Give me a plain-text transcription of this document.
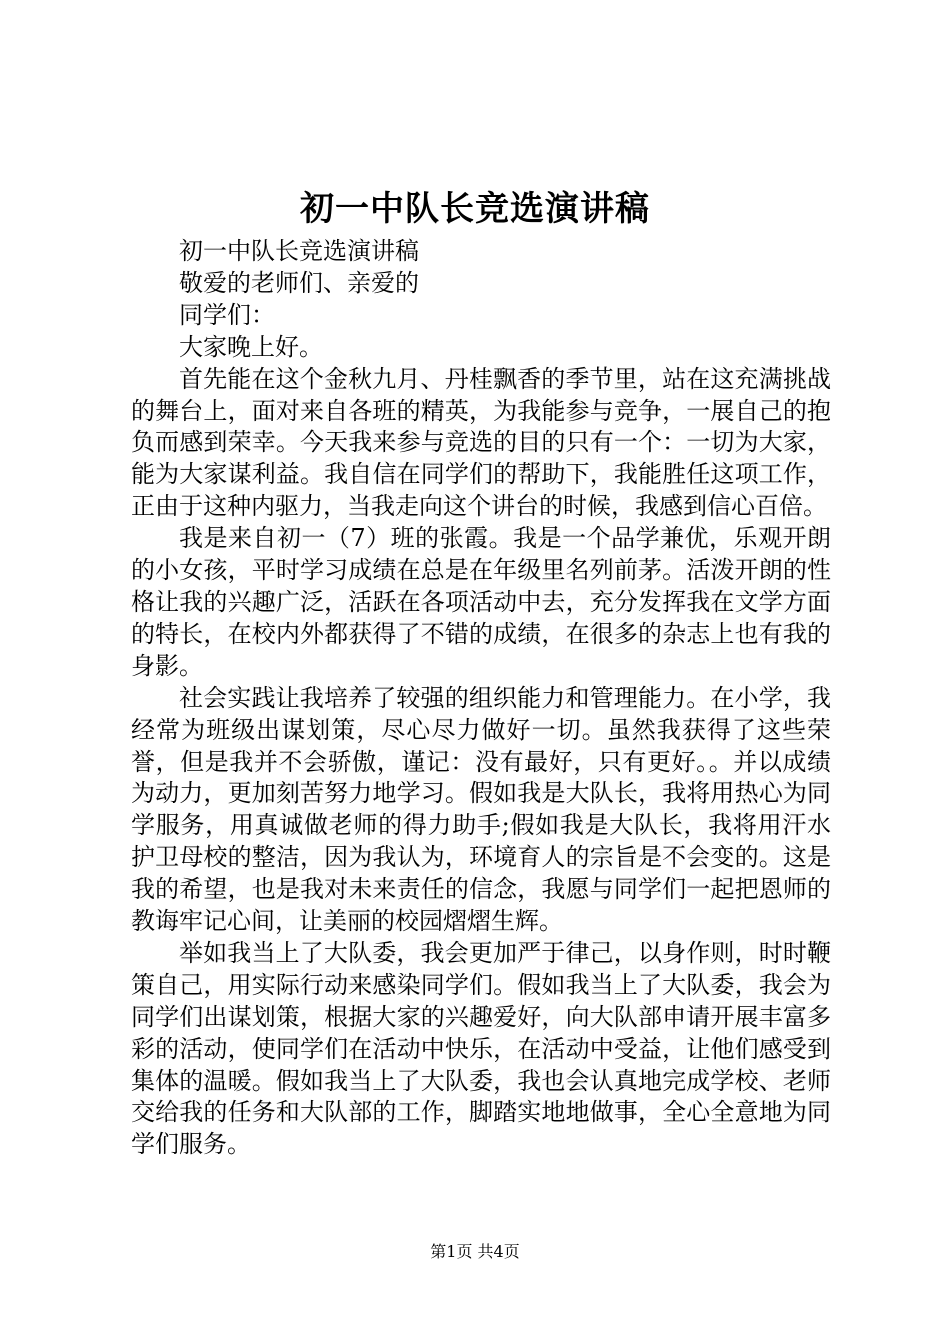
初一中队长竞选演讲稿

初一中队长竞选演讲稿

敬爱的老师们、亲爱的

同学们：

大家晚上好。

首先能在这个金秋九月、丹桂飘香的季节里，站在这充满挑战的舞台上，面对来自各班的精英，为我能参与竞争，一展自己的抱负而感到荣幸。今天我来参与竞选的目的只有一个：一切为大家，能为大家谋利益。我自信在同学们的帮助下，我能胜任这项工作，正由于这种内驱力，当我走向这个讲台的时候，我感到信心百倍。

我是来自初一（7）班的张霞。我是一个品学兼优，乐观开朗的小女孩，平时学习成绩在总是在年级里名列前茅。活泼开朗的性格让我的兴趣广泛，活跃在各项活动中去，充分发挥我在文学方面的特长，在校内外都获得了不错的成绩，在很多的杂志上也有我的身影。

社会实践让我培养了较强的组织能力和管理能力。在小学，我经常为班级出谋划策，尽心尽力做好一切。虽然我获得了这些荣誉，但是我并不会骄傲，谨记：没有最好，只有更好。。并以成绩为动力，更加刻苦努力地学习。假如我是大队长，我将用热心为同学服务，用真诚做老师的得力助手;假如我是大队长，我将用汗水护卫母校的整洁，因为我认为，环境育人的宗旨是不会变的。这是我的希望，也是我对未来责任的信念，我愿与同学们一起把恩师的教诲牢记心间，让美丽的校园熠熠生辉。

举如我当上了大队委，我会更加严于律己，以身作则，时时鞭策自己，用实际行动来感染同学们。假如我当上了大队委，我会为同学们出谋划策，根据大家的兴趣爱好，向大队部申请开展丰富多彩的活动，使同学们在活动中快乐，在活动中受益，让他们感受到集体的温暖。假如我当上了大队委，我也会认真地完成学校、老师交给我的任务和大队部的工作，脚踏实地地做事，全心全意地为同学们服务。

第1页 共4页
